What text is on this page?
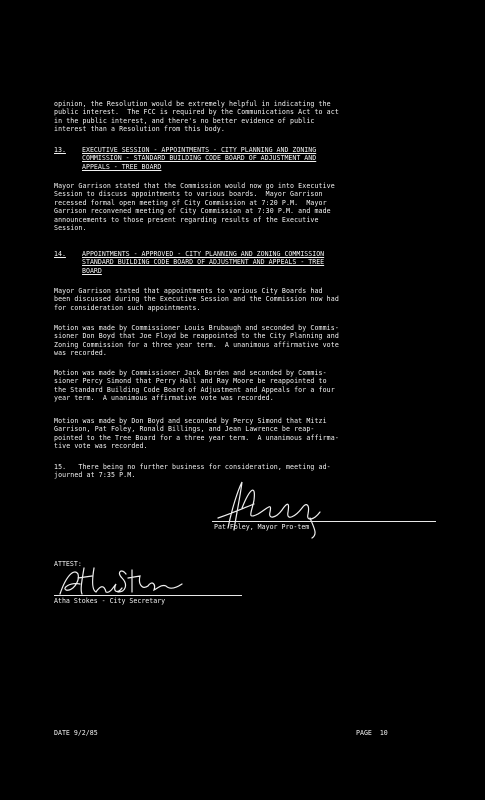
opinion, the Resolution would be extremely helpful in indicating the
public interest.  The FCC is required by the Communications Act to act
in the public interest, and there's no better evidence of public
interest than a Resolution from this body.
13. EXECUTIVE SESSION - APPOINTMENTS - CITY PLANNING AND ZONING
COMMISSION - STANDARD BUILDING CODE BOARD OF ADJUSTMENT AND
APPEALS - TREE BOARD
Mayor Garrison stated that the Commission would now go into Executive
Session to discuss appointments to various boards.  Mayor Garrison
recessed formal open meeting of City Commission at 7:20 P.M.  Mayor
Garrison reconvened meeting of City Commission at 7:30 P.M. and made
announcements to those present regarding results of the Executive
Session.
14. APPOINTMENTS - APPROVED - CITY PLANNING AND ZONING COMMISSION
STANDARD BUILDING CODE BOARD OF ADJUSTMENT AND APPEALS - TREE
BOARD
Mayor Garrison stated that appointments to various City Boards had
been discussed during the Executive Session and the Commission now had
for consideration such appointments.
Motion was made by Commissioner Louis Brubaugh and seconded by Commis-
sioner Don Boyd that Joe Floyd be reappointed to the City Planning and
Zoning Commission for a three year term.  A unanimous affirmative vote
was recorded.
Motion was made by Commissioner Jack Borden and seconded by Commis-
sioner Percy Simond that Perry Hall and Ray Moore be reappointed to
the Standard Building Code Board of Adjustment and Appeals for a four
year term.  A unanimous affirmative vote was recorded.
Motion was made by Don Boyd and seconded by Percy Simond that Mitzi
Garrison, Pat Foley, Ronald Billings, and Jean Lawrence be reap-
pointed to the Tree Board for a three year term.  A unanimous affirma-
tive vote was recorded.
15.   There being no further business for consideration, meeting ad-
journed at 7:35 P.M.
Pat Foley, Mayor Pro-tem
ATTEST:
Atha Stokes - City Secretary
DATE 9/2/85	PAGE  10
